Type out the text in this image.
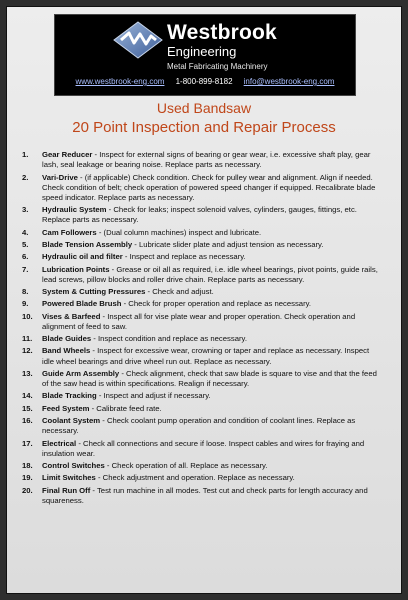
Westbrook
Engineering
Metal Fabricating Machinery
www.westbrook-eng.com 1-800-899-8182 info@westbrook-eng.com
Used Bandsaw
20 Point Inspection and Repair Process
1. Gear Reducer - Inspect for external signs of bearing or gear wear, i.e. excessive shaft play, gear lash, seal leakage or bearing noise. Replace parts as necessary.
2. Vari-Drive - (if applicable) Check condition. Check for pulley wear and alignment. Align if needed. Check condition of belt; check operation of powered speed changer if equipped. Recalibrate blade speed indicator. Replace parts as necessary.
3. Hydraulic System - Check for leaks; inspect solenoid valves, cylinders, gauges, fittings, etc. Replace parts as necessary.
4. Cam Followers - (Dual column machines) inspect and lubricate.
5. Blade Tension Assembly - Lubricate slider plate and adjust tension as necessary.
6. Hydraulic oil and filter - Inspect and replace as necessary.
7. Lubrication Points - Grease or oil all as required, i.e. idle wheel bearings, pivot points, guide rails, lead screws, pillow blocks and roller drive chain. Replace parts as necessary.
8. System & Cutting Pressures - Check and adjust.
9. Powered Blade Brush - Check for proper operation and replace as necessary.
10. Vises & Barfeed - Inspect all for vise plate wear and proper operation. Check operation and alignment of feed to saw.
11. Blade Guides - Inspect condition and replace as necessary.
12. Band Wheels - Inspect for excessive wear, crowning or taper and replace as necessary. Inspect idle wheel bearings and drive wheel run out. Replace as necessary.
13. Guide Arm Assembly - Check alignment, check that saw blade is square to vise and that the feed of the saw head is within specifications. Realign if necessary.
14. Blade Tracking - Inspect and adjust if necessary.
15. Feed System - Calibrate feed rate.
16. Coolant System - Check coolant pump operation and condition of coolant lines. Replace as necessary.
17. Electrical - Check all connections and secure if loose. Inspect cables and wires for fraying and insulation wear.
18. Control Switches - Check operation of all. Replace as necessary.
19. Limit Switches - Check adjustment and operation. Replace as necessary.
20. Final Run Off - Test run machine in all modes. Test cut and check parts for length accuracy and squareness.
